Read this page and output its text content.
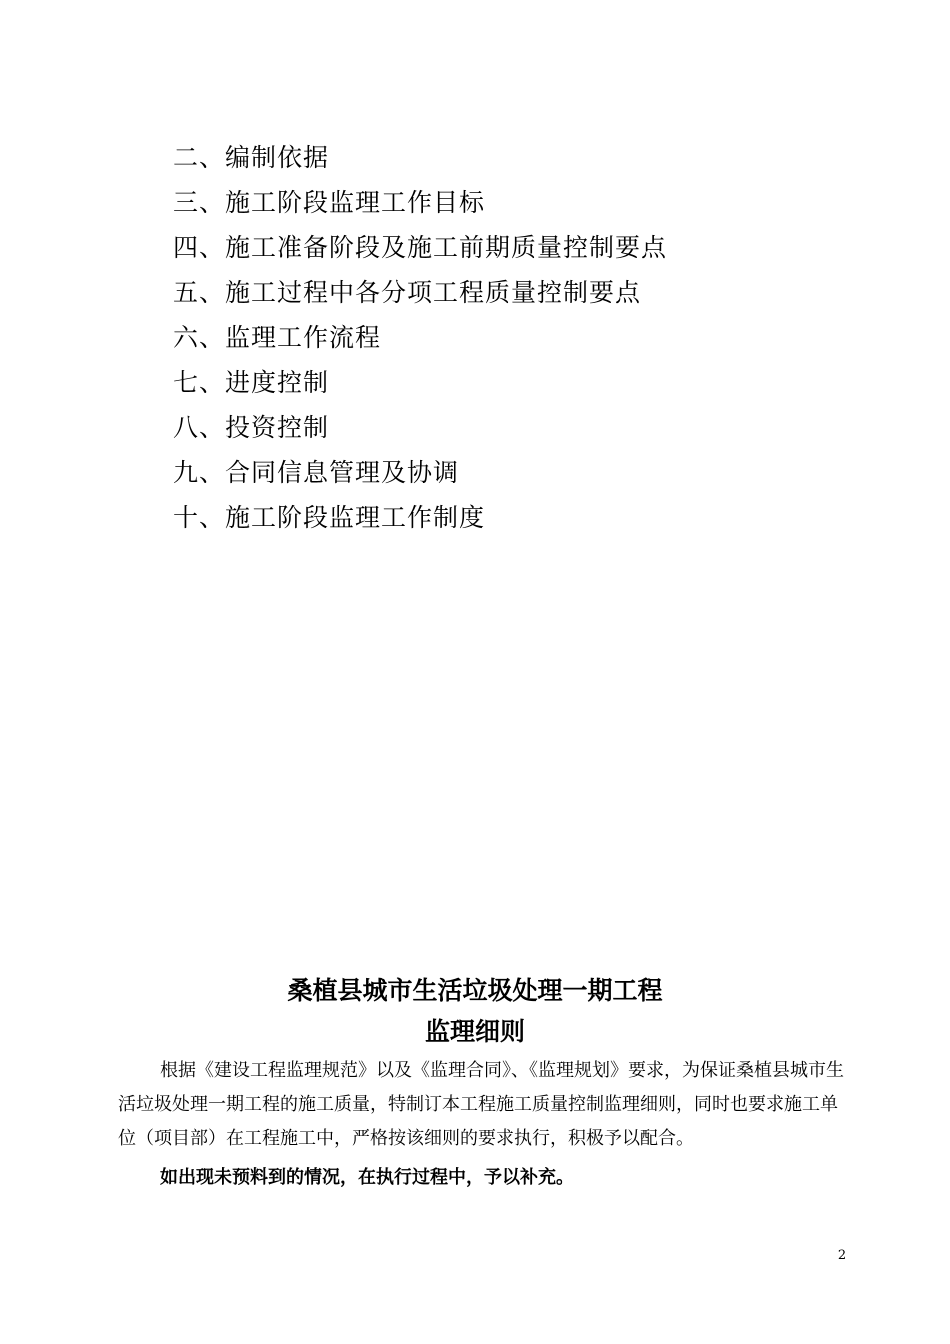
二、编制依据
三、施工阶段监理工作目标
四、施工准备阶段及施工前期质量控制要点
五、施工过程中各分项工程质量控制要点
六、监理工作流程
七、进度控制
八、投资控制
九、合同信息管理及协调
十、施工阶段监理工作制度
桑植县城市生活垃圾处理一期工程
监理细则

根据《建设工程监理规范》以及《监理合同》、《监理规划》要求，为保证桑植县城市生活垃圾处理一期工程的施工质量，特制订本工程施工质量控制监理细则，同时也要求施工单位（项目部）在工程施工中，严格按该细则的要求执行，积极予以配合。

如出现未预料到的情况，在执行过程中，予以补充。

2
